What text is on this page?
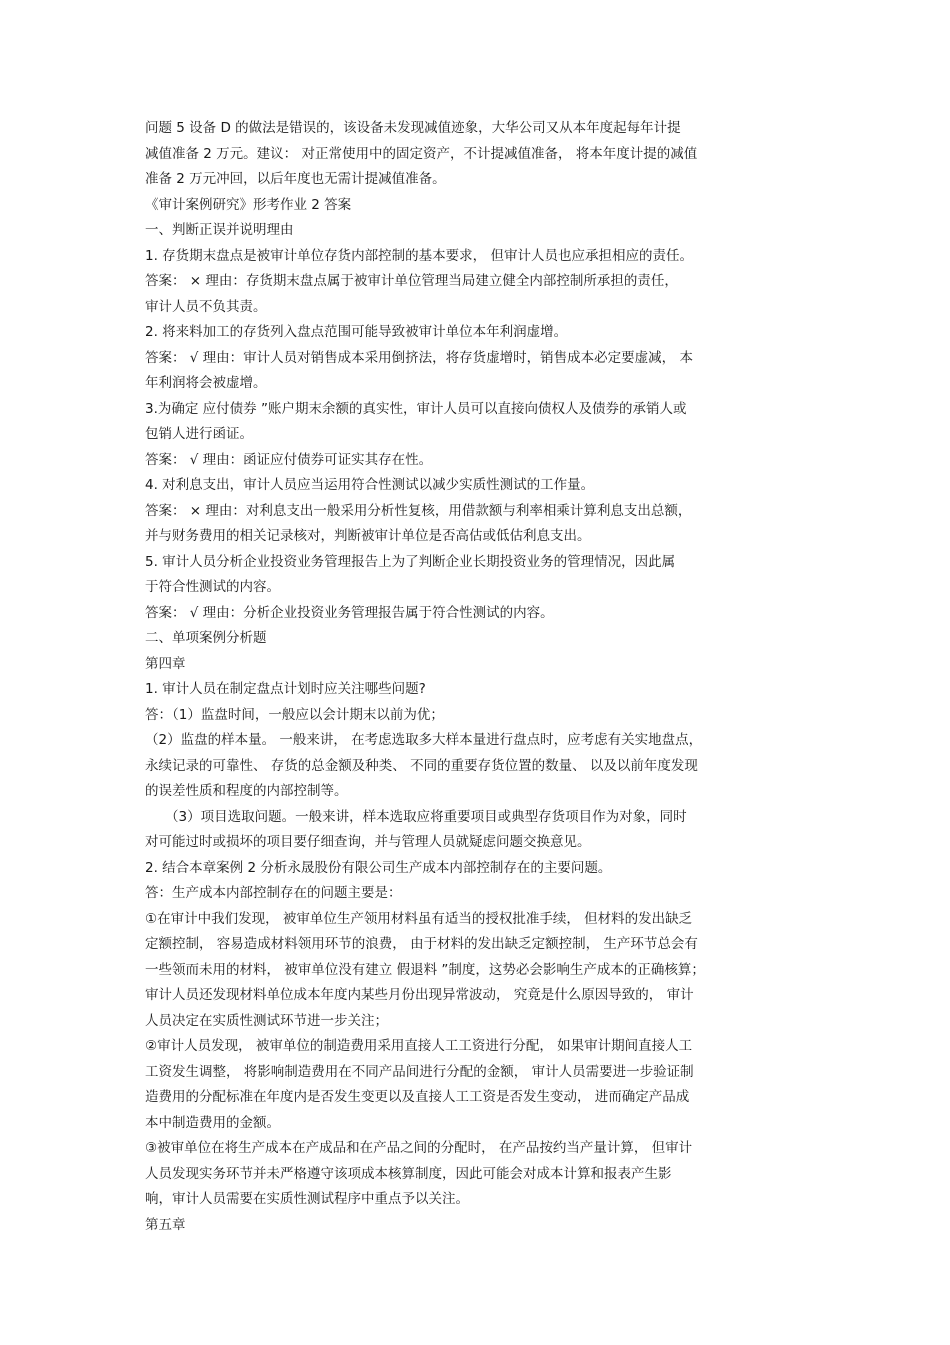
问题 5 设备 D 的做法是错误的，该设备未发现减值迹象，大华公司又从本年度起每年计提
减值准备 2 万元。建议： 对正常使用中的固定资产，不计提减值准备， 将本年度计提的减值
准备 2 万元冲回，以后年度也无需计提减值准备。
《审计案例研究》形考作业 2 答案
一、判断正误并说明理由
1. 存货期末盘点是被审计单位存货内部控制的基本要求， 但审计人员也应承担相应的责任。
答案： × 理由：存货期末盘点属于被审计单位管理当局建立健全内部控制所承担的责任，
审计人员不负其责。
2. 将来料加工的存货列入盘点范围可能导致被审计单位本年利润虚增。
答案： √ 理由：审计人员对销售成本采用倒挤法，将存货虚增时，销售成本必定要虚减， 本
年利润将会被虚增。
3.为确定 应付债券 ”账户期末余额的真实性，审计人员可以直接向债权人及债券的承销人或
包销人进行函证。
答案： √ 理由：函证应付债券可证实其存在性。
4. 对利息支出，审计人员应当运用符合性测试以减少实质性测试的工作量。
答案： × 理由：对利息支出一般采用分析性复核，用借款额与利率相乘计算利息支出总额，
并与财务费用的相关记录核对，判断被审计单位是否高估或低估利息支出。
5. 审计人员分析企业投资业务管理报告上为了判断企业长期投资业务的管理情况，因此属
于符合性测试的内容。
答案： √ 理由：分析企业投资业务管理报告属于符合性测试的内容。
二、单项案例分析题
第四章
1. 审计人员在制定盘点计划时应关注哪些问题?
答：（1）监盘时间，一般应以会计期末以前为优；
（2）监盘的样本量。 一般来讲， 在考虑选取多大样本量进行盘点时，应考虑有关实地盘点，
永续记录的可靠性、 存货的总金额及种类、 不同的重要存货位置的数量、 以及以前年度发现
的误差性质和程度的内部控制等。
（3）项目选取问题。一般来讲，样本选取应将重要项目或典型存货项目作为对象，同时
对可能过时或损坏的项目要仔细查询，并与管理人员就疑虑问题交换意见。
2. 结合本章案例 2 分析永晟股份有限公司生产成本内部控制存在的主要问题。
答：生产成本内部控制存在的问题主要是：
①在审计中我们发现， 被审单位生产领用材料虽有适当的授权批准手续， 但材料的发出缺乏
定额控制， 容易造成材料领用环节的浪费， 由于材料的发出缺乏定额控制， 生产环节总会有
一些领而未用的材料， 被审单位没有建立 假退料 ”制度，这势必会影响生产成本的正确核算；
审计人员还发现材料单位成本年度内某些月份出现异常波动， 究竟是什么原因导致的， 审计
人员决定在实质性测试环节进一步关注；
②审计人员发现， 被审单位的制造费用采用直接人工工资进行分配， 如果审计期间直接人工
工资发生调整， 将影响制造费用在不同产品间进行分配的金额， 审计人员需要进一步验证制
造费用的分配标准在年度内是否发生变更以及直接人工工资是否发生变动， 进而确定产品成
本中制造费用的金额。
③被审单位在将生产成本在产成品和在产品之间的分配时， 在产品按约当产量计算， 但审计
人员发现实务环节并未严格遵守该项成本核算制度，因此可能会对成本计算和报表产生影
响，审计人员需要在实质性测试程序中重点予以关注。
第五章
